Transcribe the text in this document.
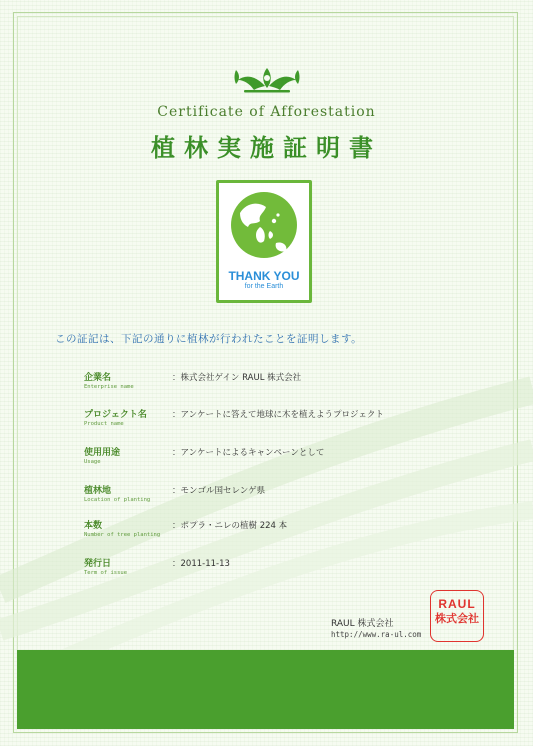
Certificate of Afforestation
植林実施証明書
THANK YOU
for the Earth
この証記は、下記の通りに植林が行われたことを証明します。
企業名
Enterprise name
：株式会社ゲイン RAUL 株式会社
プロジェクト名
Product name
：アンケートに答えて地球に木を植えようプロジェクト
使用用途
Usage
：アンケートによるキャンペーンとして
植林地
Location of planting
：モンゴル国セレンゲ県
本数
Number of tree planting
：ポプラ・ニレの植樹 224 本
発行日
Term of issue
：2011-11-13
RAUL 株式会社
http://www.ra-ul.com
RAUL
株式会社
